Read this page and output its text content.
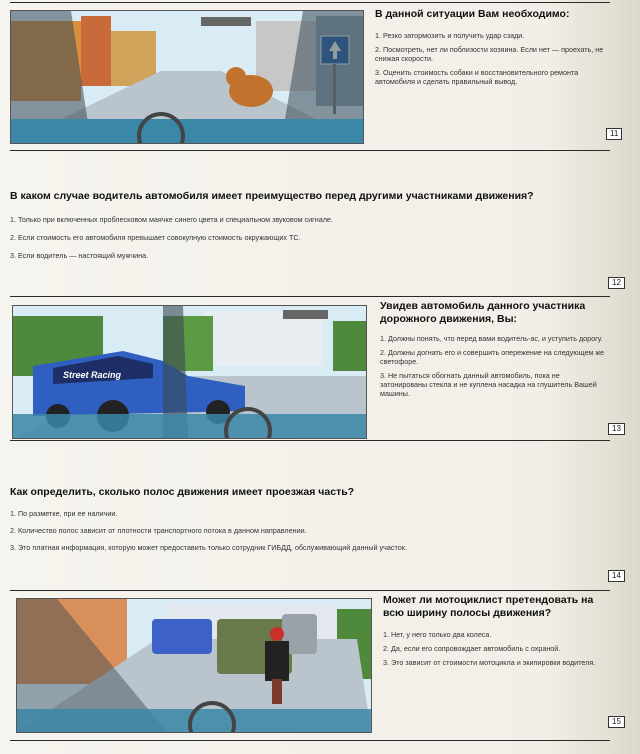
В данной ситуации Вам необходимо:
1. Резко затормозить и получить удар сзади.
2. Посмотреть, нет ли поблизости хозяина. Если нет — проехать, не снижая скорости.
3. Оценить стоимость собаки и восстановительного ремонта автомобиля и сделать правильный вывод.
11
В каком случае водитель автомобиля имеет преимущество перед другими участниками движения?
1. Только при включенных проблесковом маячке синего цвета и специальном звуковом сигнале.
2. Если стоимость его автомобиля превышает совокупную стоимость окружающих ТС.
3. Если водитель — настоящий мужчина.
12
Street Racing
Увидев автомобиль данного участника дорожного движения, Вы:
1. Должны понять, что перед вами водитель-ас, и уступить дорогу.
2. Должны догнать его и совершить опережение на следующем же светофоре.
3. Не пытаться обогнать данный автомобиль, пока не затонированы стекла и не куплена насадка на глушитель Вашей машины.
13
Как определить, сколько полос движения имеет проезжая часть?
1. По разметке, при ее наличии.
2. Количество полос зависит от плотности транспортного потока в данном направлении.
3. Это платная информация, которую может предоставить только сотрудник ГИБДД, обслуживающий данный участок.
14
Может ли мотоциклист претендовать на всю ширину полосы движения?
1. Нет, у него только два колеса.
2. Да, если его сопровождает автомобиль с охраной.
3. Это зависит от стоимости мотоцикла и экипировки водителя.
15
